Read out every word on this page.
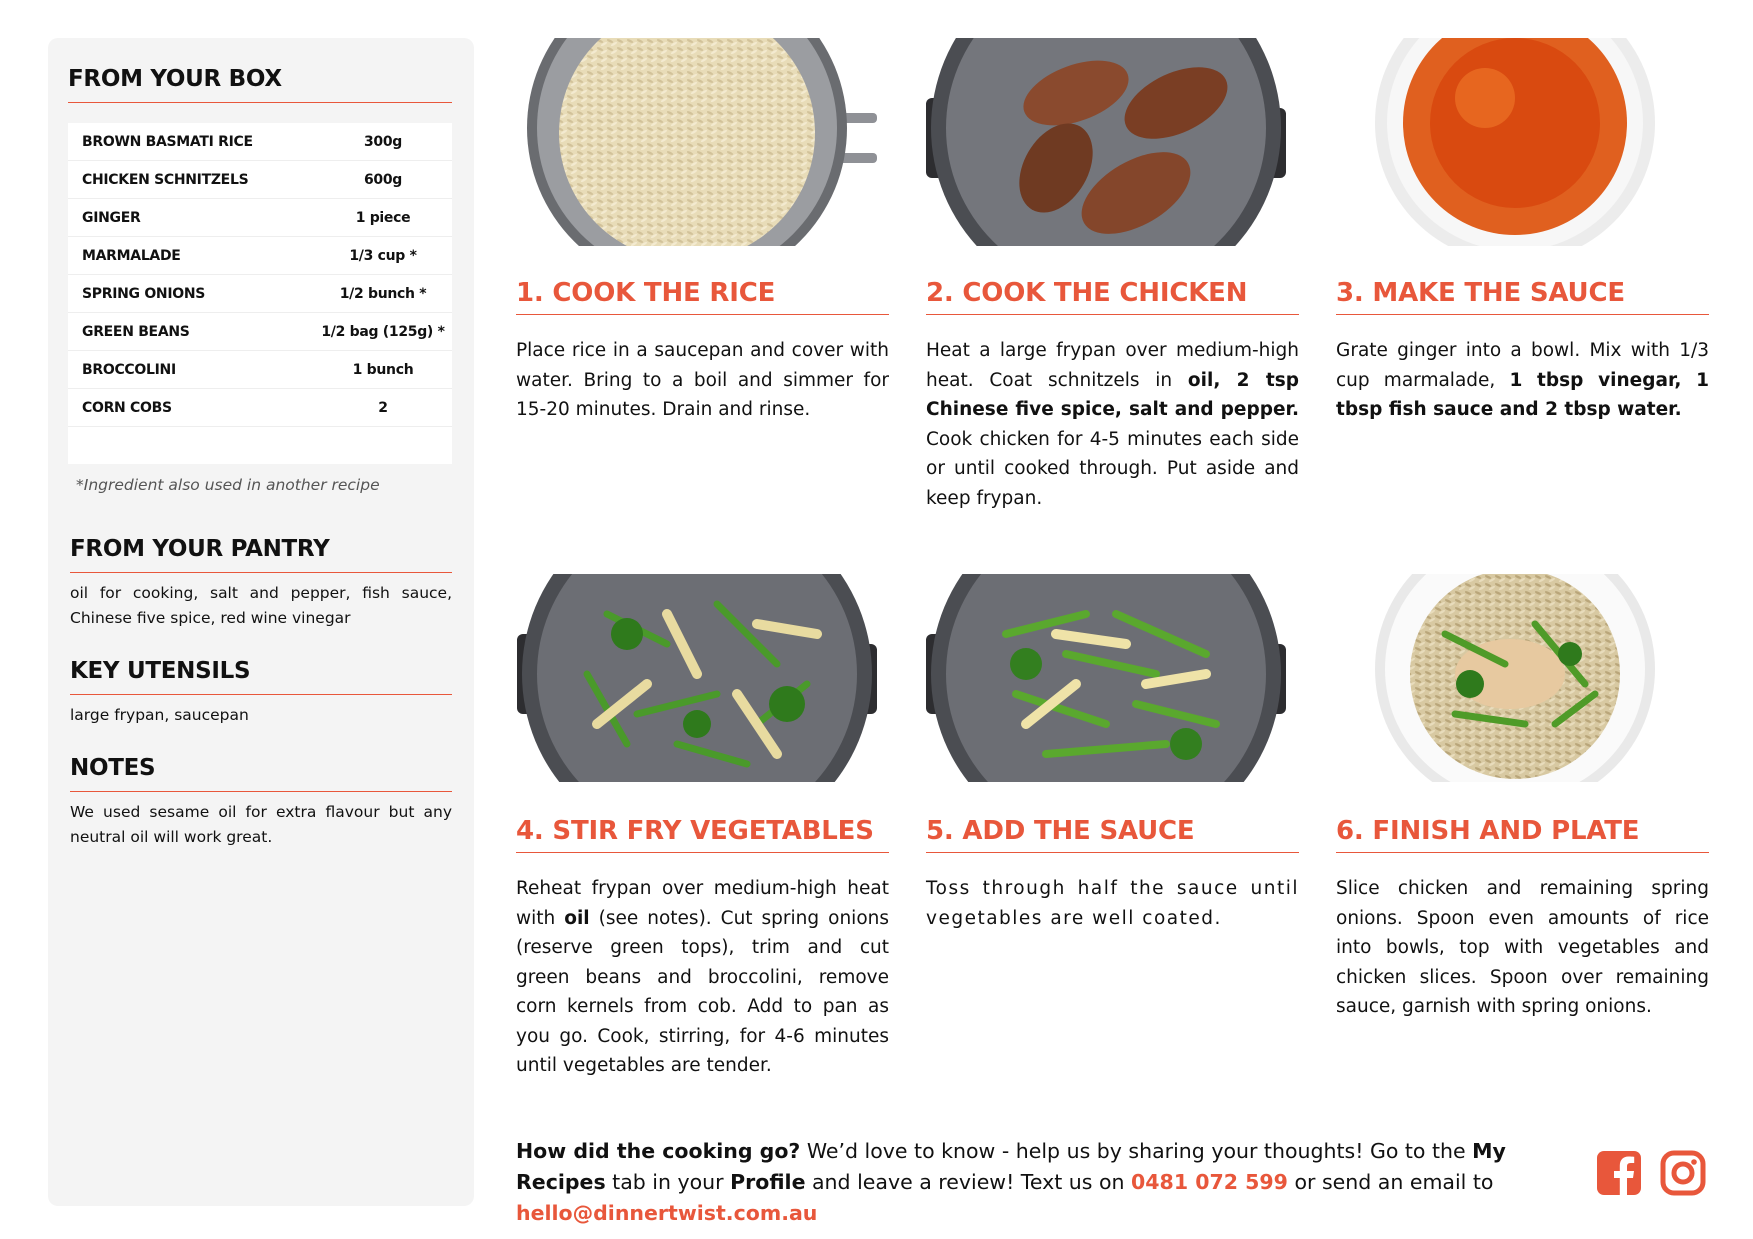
FROM YOUR BOX
BROWN BASMATI RICE	300g
CHICKEN SCHNITZELS	600g
GINGER	1 piece
MARMALADE	1/3 cup *
SPRING ONIONS	1/2 bunch *
GREEN BEANS	1/2 bag (125g) *
BROCCOLINI	1 bunch
CORN COBS	2
*Ingredient also used in another recipe
FROM YOUR PANTRY
oil for cooking, salt and pepper, fish sauce, Chinese five spice, red wine vinegar
KEY UTENSILS
large frypan, saucepan
NOTES
We used sesame oil for extra flavour but any neutral oil will work great.
1. COOK THE RICE	2. COOK THE CHICKEN	3. MAKE THE SAUCE
4. STIR FRY VEGETABLES	5. ADD THE SAUCE	6. FINISH AND PLATE
Place rice in a saucepan and cover with water. Bring to a boil and simmer for 15-20 minutes. Drain and rinse.
Heat a large frypan over medium-high heat. Coat schnitzels in oil, 2 tsp Chinese five spice, salt and pepper. Cook chicken for 4-5 minutes each side or until cooked through. Put aside and keep frypan.
Grate ginger into a bowl. Mix with 1/3 cup marmalade, 1 tbsp vinegar, 1 tbsp fish sauce and 2 tbsp water.
Reheat frypan over medium-high heat with oil (see notes). Cut spring onions (reserve green tops), trim and cut green beans and broccolini, remove corn kernels from cob. Add to pan as you go. Cook, stirring, for 4-6 minutes until vegetables are tender.
Toss through half the sauce until vegetables are well coated.
Slice chicken and remaining spring onions. Spoon even amounts of rice into bowls, top with vegetables and chicken slices. Spoon over remaining sauce, garnish with spring onions.
How did the cooking go? We’d love to know - help us by sharing your thoughts! Go to the My Recipes tab in your Profile and leave a review! Text us on 0481 072 599 or send an email to hello@dinnertwist.com.au
